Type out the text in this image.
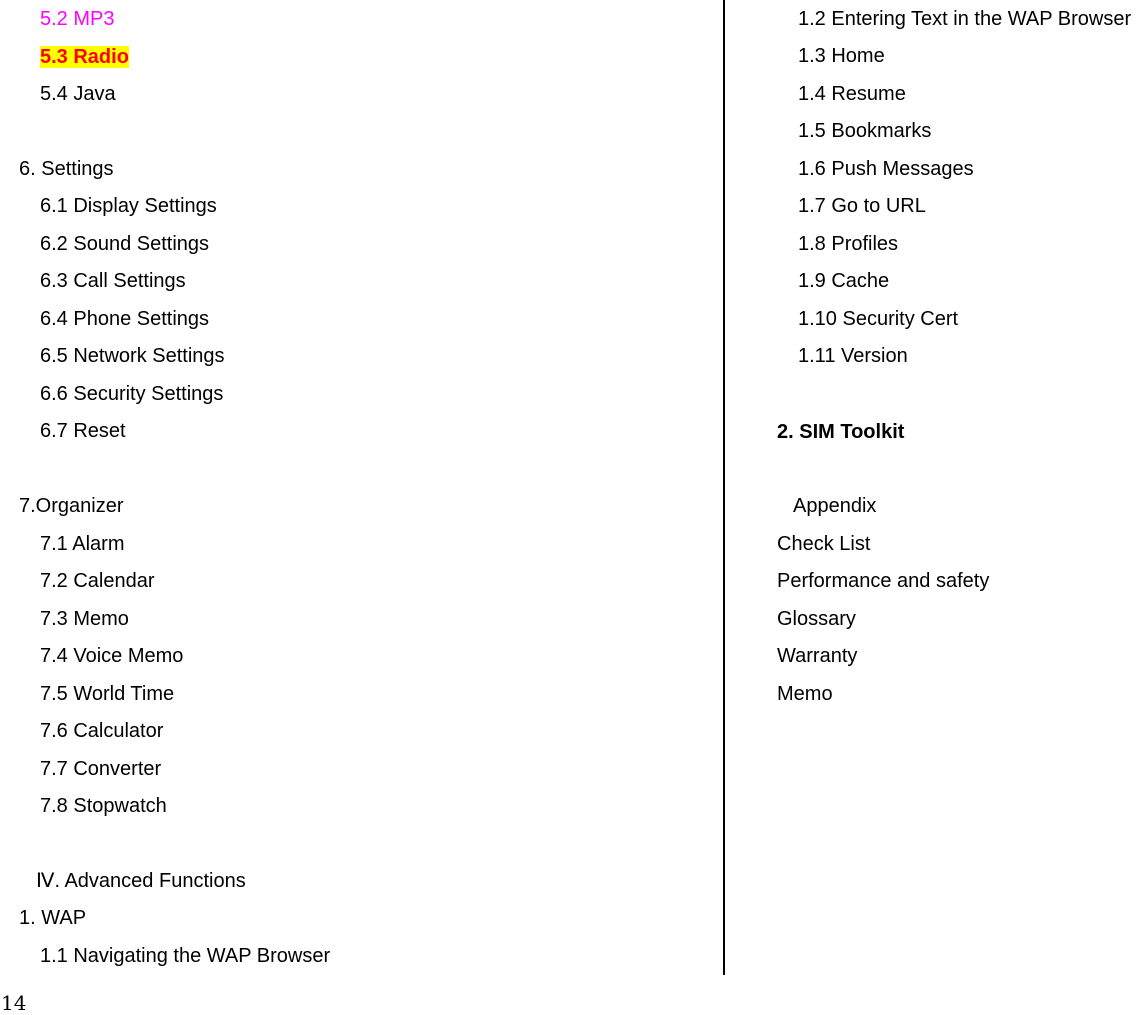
5.2 MP3
5.3 Radio
5.4 Java
6. Settings
6.1 Display Settings
6.2 Sound Settings
6.3 Call Settings
6.4 Phone Settings
6.5 Network Settings
6.6 Security Settings
6.7 Reset
7.Organizer
7.1 Alarm
7.2 Calendar
7.3 Memo
7.4 Voice Memo
7.5 World Time
7.6 Calculator
7.7 Converter
7.8 Stopwatch
Ⅳ. Advanced Functions
1. WAP
1.1 Navigating the WAP Browser
1.2 Entering Text in the WAP Browser
1.3 Home
1.4 Resume
1.5 Bookmarks
1.6 Push Messages
1.7 Go to URL
1.8 Profiles
1.9 Cache
1.10 Security Cert
1.11 Version
2. SIM Toolkit
Appendix
Check List
Performance and safety
Glossary
Warranty
Memo
14
